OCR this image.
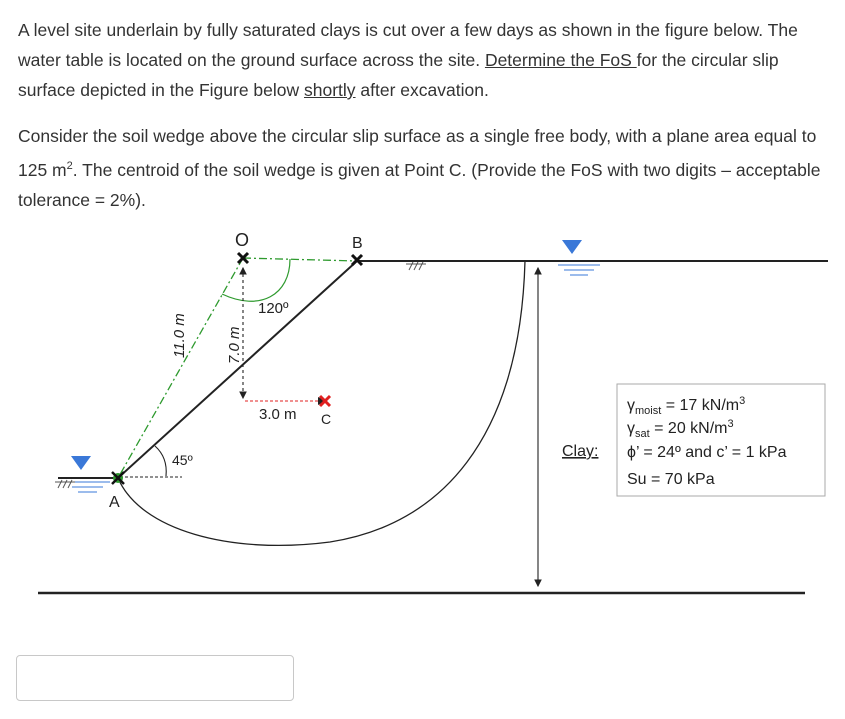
A level site underlain by fully saturated clays is cut over a few days as shown in the figure below. The water table is located on the ground surface across the site. Determine the FoS for the circular slip surface depicted in the Figure below shortly after excavation.

Consider the soil wedge above the circular slip surface as a single free body, with a plane area equal to 125 $m^2$. The centroid of the soil wedge is given at Point C. (Provide the FoS with two digits – acceptable tolerance = 2%).

O	B
A
C
11.0 m	7.0 m
120º
45º
3.0 m
Clay:
$\gamma_{moist} = 17$ $kN/m^3$
$\gamma_{sat} = 20$ $kN/m^3$
ϕ’ = 24º and c’ = 1 kPa
Su = 70 kPa
